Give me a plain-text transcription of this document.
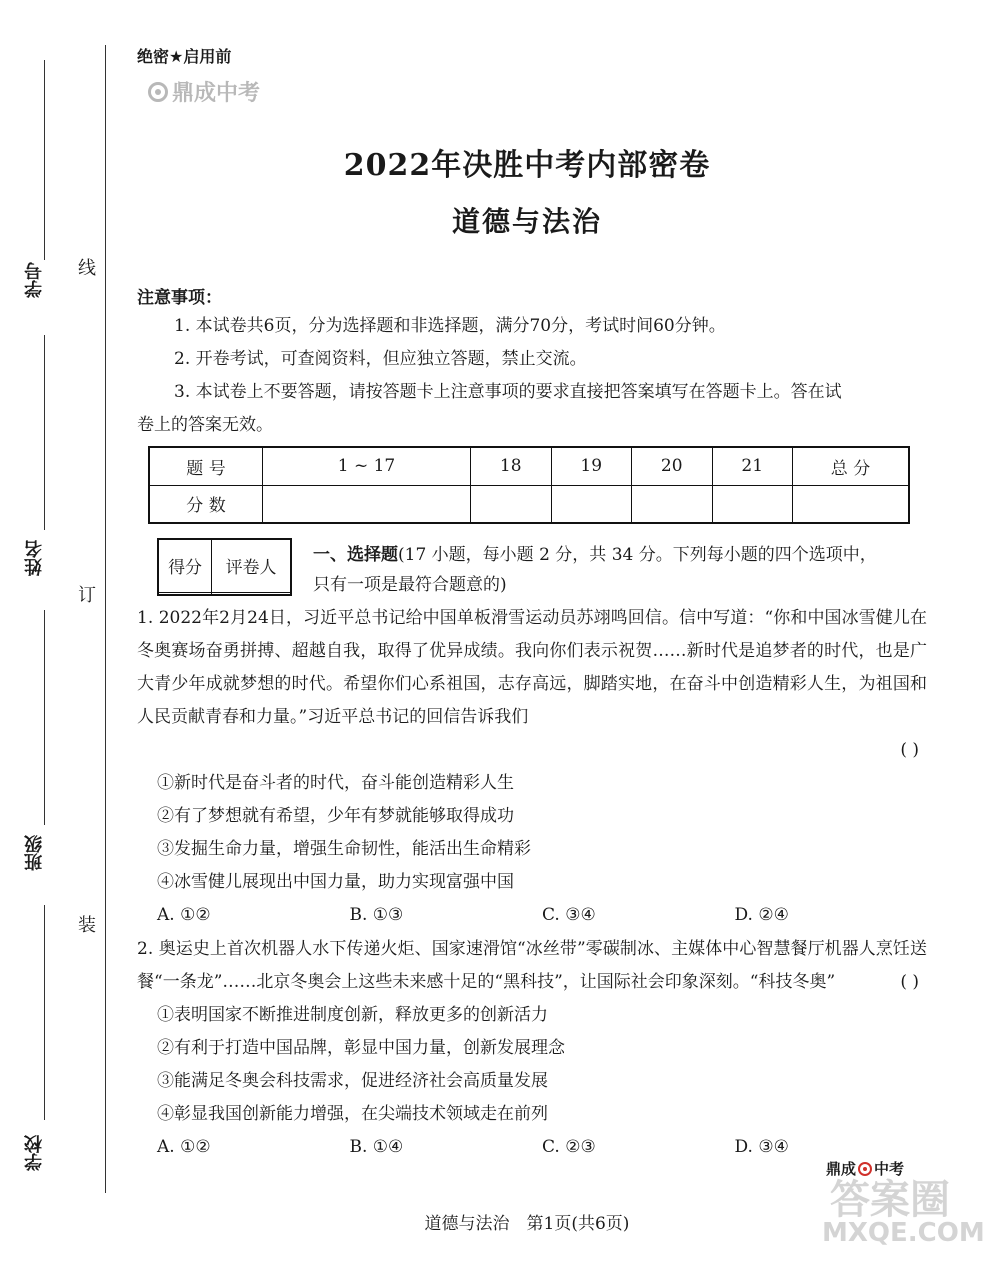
学号
姓名
班级
学校
线
订
装
绝密★启用前
鼎成中考
2022年决胜中考内部密卷
道德与法治
注意事项：

1. 本试卷共6页，分为选择题和非选择题，满分70分，考试时间60分钟。

2. 开卷考试，可查阅资料，但应独立答题，禁止交流。

3. 本试卷上不要答题，请按答题卡上注意事项的要求直接把答案填写在答题卡上。答在试

卷上的答案无效。

题 号	1 ~ 17	18	19	20	21	总 分
分 数						
得分	评卷人

一、选择题(17 小题，每小题 2 分，共 34 分。下列每小题的四个选项中，
只有一项是最符合题意的)

1. 2022年2月24日，习近平总书记给中国单板滑雪运动员苏翊鸣回信。信中写道：“你和中国冰雪健儿在冬奥赛场奋勇拼搏、超越自我，取得了优异成绩。我向你们表示祝贺……新时代是追梦者的时代，也是广大青少年成就梦想的时代。希望你们心系祖国，志存高远，脚踏实地，在奋斗中创造精彩人生，为祖国和人民贡献青春和力量。”习近平总书记的回信告诉我们

( )

①新时代是奋斗者的时代，奋斗能创造精彩人生

②有了梦想就有希望，少年有梦就能够取得成功

③发掘生命力量，增强生命韧性，能活出生命精彩

④冰雪健儿展现出中国力量，助力实现富强中国

A. ①②	B. ①③	C. ③④	D. ②④

2. 奥运史上首次机器人水下传递火炬、国家速滑馆“冰丝带”零碳制冰、主媒体中心智慧餐厅机器人烹饪送餐“一条龙”……北京冬奥会上这些未来感十足的“黑科技”，让国际社会印象深刻。“科技冬奥”	( )

①表明国家不断推进制度创新，释放更多的创新活力

②有利于打造中国品牌，彰显中国力量，创新发展理念

③能满足冬奥会科技需求，促进经济社会高质量发展

④彰显我国创新能力增强，在尖端技术领域走在前列

A. ①②	B. ①④	C. ②③	D. ③④
鼎成 中考
答案圈
MXQE.COM
道德与法治　第1页(共6页)
